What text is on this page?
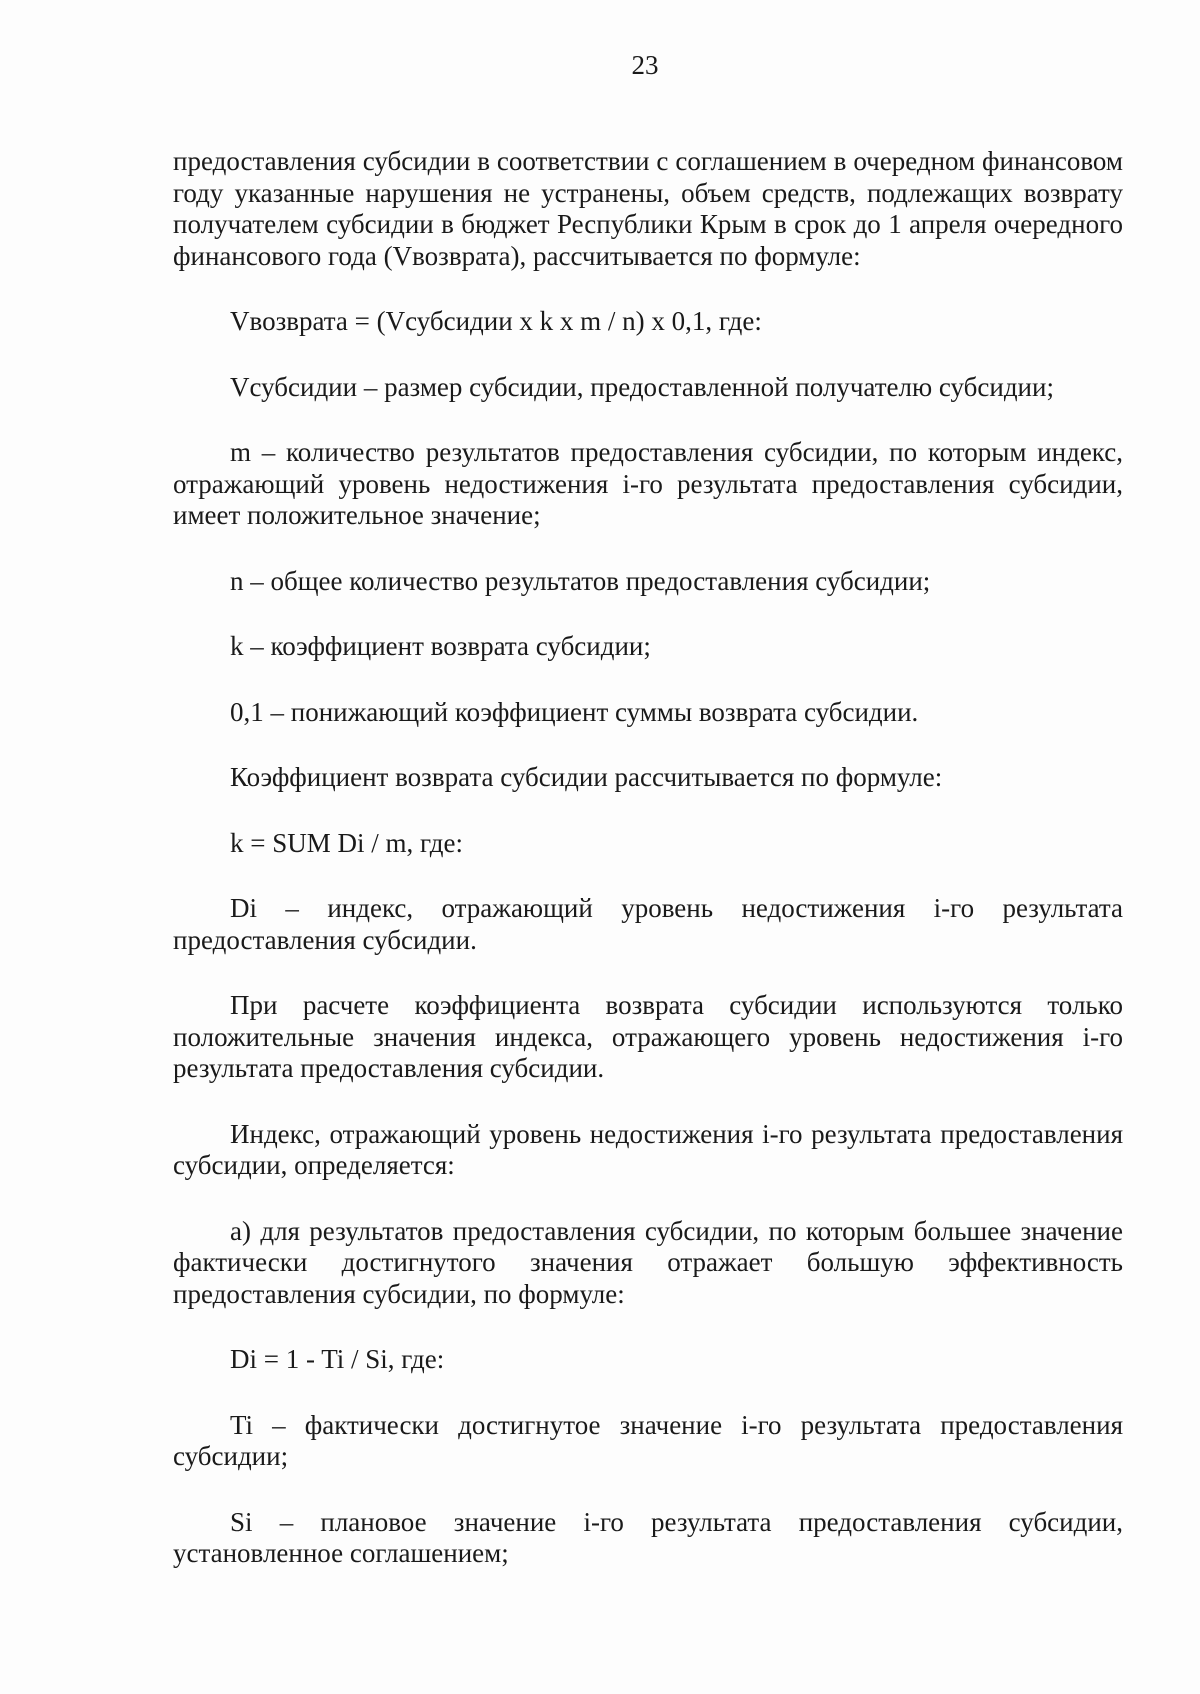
23

предоставления субсидии в соответствии с соглашением в очередном финансовом году указанные нарушения не устранены, объем средств, подлежащих возврату получателем субсидии в бюджет Республики Крым в срок до 1 апреля очередного финансового года (Vвозврата), рассчитывается по формуле:

Vвозврата = (Vсубсидии x k x m / n) x 0,1, где:

Vсубсидии – размер субсидии, предоставленной получателю субсидии;

m – количество результатов предоставления субсидии, по которым индекс, отражающий уровень недостижения i-го результата предоставления субсидии, имеет положительное значение;

n – общее количество результатов предоставления субсидии;

k – коэффициент возврата субсидии;

0,1 – понижающий коэффициент суммы возврата субсидии.

Коэффициент возврата субсидии рассчитывается по формуле:

k = SUM Di / m, где:

Di – индекс, отражающий уровень недостижения i-го результата предоставления субсидии.

При расчете коэффициента возврата субсидии используются только положительные значения индекса, отражающего уровень недостижения i-го результата предоставления субсидии.

Индекс, отражающий уровень недостижения i-го результата предоставления субсидии, определяется:

а) для результатов предоставления субсидии, по которым большее значение фактически достигнутого значения отражает большую эффективность предоставления субсидии, по формуле:

Di = 1 - Ti / Si, где:

Ti – фактически достигнутое значение i-го результата предоставления субсидии;

Si – плановое значение i-го результата предоставления субсидии, установленное соглашением;
